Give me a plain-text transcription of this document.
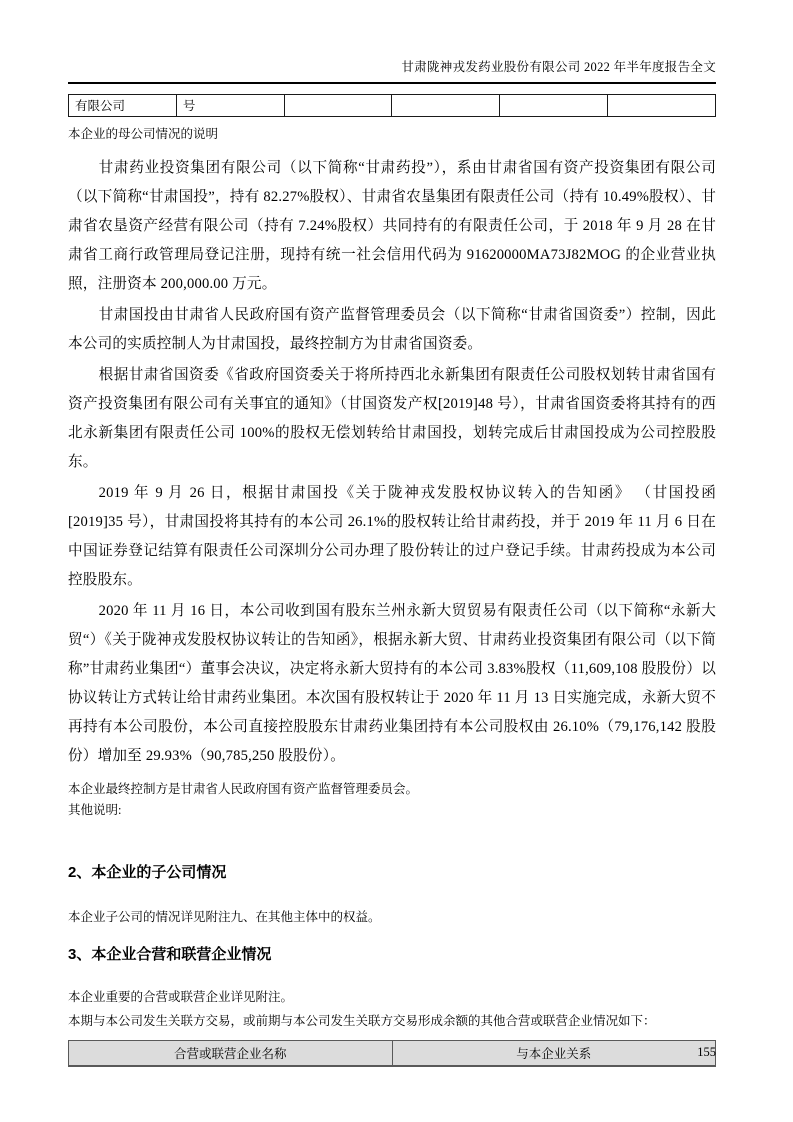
甘肃陇神戎发药业股份有限公司 2022 年半年度报告全文
有限公司	号				
本企业的母公司情况的说明

甘肃药业投资集团有限公司（以下简称“甘肃药投”），系由甘肃省国有资产投资集团有限公司（以下简称“甘肃国投”，持有 82.27%股权）、甘肃省农垦集团有限责任公司（持有 10.49%股权）、甘肃省农垦资产经营有限公司（持有 7.24%股权）共同持有的有限责任公司，于 2018 年 9 月 28 在甘肃省工商行政管理局登记注册，现持有统一社会信用代码为 91620000MA73J82MOG 的企业营业执照，注册资本 200,000.00 万元。

甘肃国投由甘肃省人民政府国有资产监督管理委员会（以下简称“甘肃省国资委”）控制，因此本公司的实质控制人为甘肃国投，最终控制方为甘肃省国资委。

根据甘肃省国资委《省政府国资委关于将所持西北永新集团有限责任公司股权划转甘肃省国有资产投资集团有限公司有关事宜的通知》（甘国资发产权[2019]48 号），甘肃省国资委将其持有的西北永新集团有限责任公司 100%的股权无偿划转给甘肃国投，划转完成后甘肃国投成为公司控股股东。

2019 年 9 月 26 日，根据甘肃国投《关于陇神戎发股权协议转入的告知函》 （甘国投函[2019]35 号），甘肃国投将其持有的本公司 26.1%的股权转让给甘肃药投，并于 2019 年 11 月 6 日在中国证券登记结算有限责任公司深圳分公司办理了股份转让的过户登记手续。甘肃药投成为本公司控股股东。

2020 年 11 月 16 日，本公司收到国有股东兰州永新大贸贸易有限责任公司（以下简称“永新大贸“）《关于陇神戎发股权协议转让的告知函》，根据永新大贸、甘肃药业投资集团有限公司（以下简称”甘肃药业集团“）董事会决议，决定将永新大贸持有的本公司 3.83%股权（11,609,108 股股份）以协议转让方式转让给甘肃药业集团。本次国有股权转让于 2020 年 11 月 13 日实施完成，永新大贸不再持有本公司股份，本公司直接控股股东甘肃药业集团持有本公司股权由 26.10%（79,176,142 股股份）增加至 29.93%（90,785,250 股股份）。

本企业最终控制方是甘肃省人民政府国有资产监督管理委员会。
其他说明:
2、本企业的子公司情况
本企业子公司的情况详见附注九、在其他主体中的权益。
3、本企业合营和联营企业情况
本企业重要的合营或联营企业详见附注。
本期与本公司发生关联方交易，或前期与本公司发生关联方交易形成余额的其他合营或联营企业情况如下：
合营或联营企业名称	与本企业关系	155
